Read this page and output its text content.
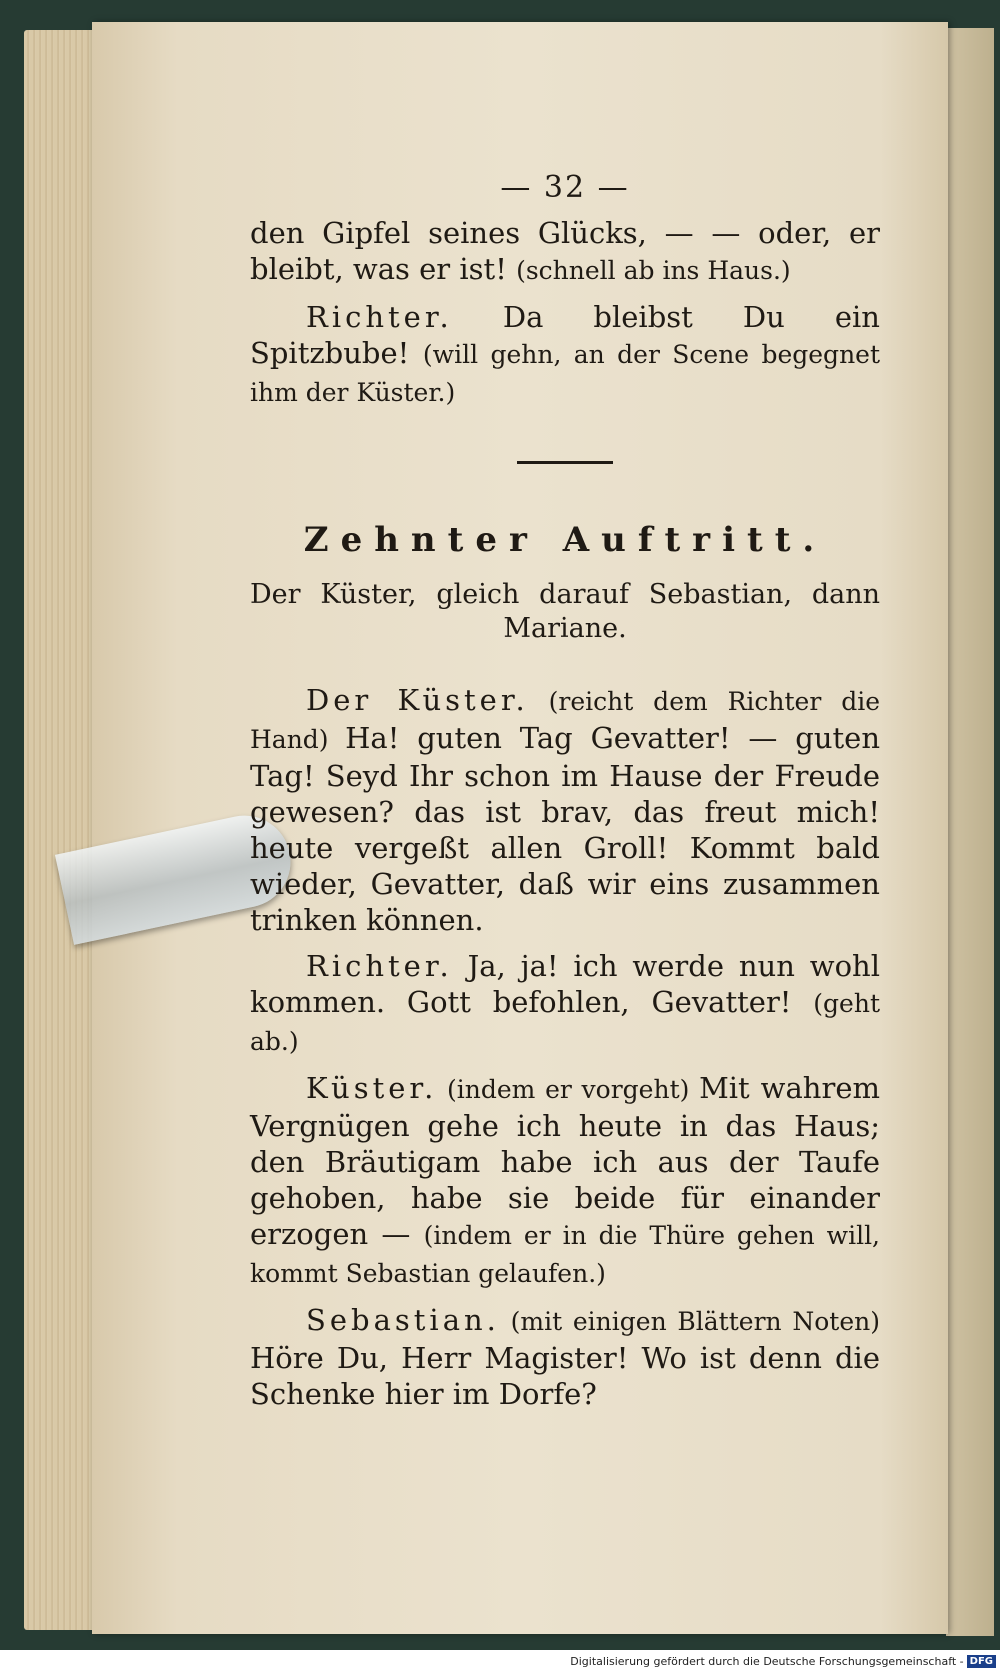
— 32 —

den Gipfel seines Glücks, — — oder, er bleibt, was er ist! (schnell ab ins Haus.)

Richter. Da bleibst Du ein Spitzbube! (will gehn, an der Scene begegnet ihm der Küster.)

Zehnter Auftritt.

Der Küster, gleich darauf Sebastian, dann Mariane.

Der Küster. (reicht dem Richter die Hand) Ha! guten Tag Gevatter! — guten Tag! Seyd Ihr schon im Hause der Freude gewesen? das ist brav, das freut mich! heute vergeßt allen Groll! Kommt bald wieder, Gevatter, daß wir eins zusammen trinken können.

Richter. Ja, ja! ich werde nun wohl kommen. Gott befohlen, Gevatter! (geht ab.)

Küster. (indem er vorgeht) Mit wahrem Vergnügen gehe ich heute in das Haus; den Bräutigam habe ich aus der Taufe gehoben, habe sie beide für einander erzogen — (indem er in die Thüre gehen will, kommt Sebastian gelaufen.)

Sebastian. (mit einigen Blättern Noten) Höre Du, Herr Magister! Wo ist denn die Schenke hier im Dorfe?

Digitalisierung gefördert durch die Deutsche Forschungsgemeinschaft - DFG
